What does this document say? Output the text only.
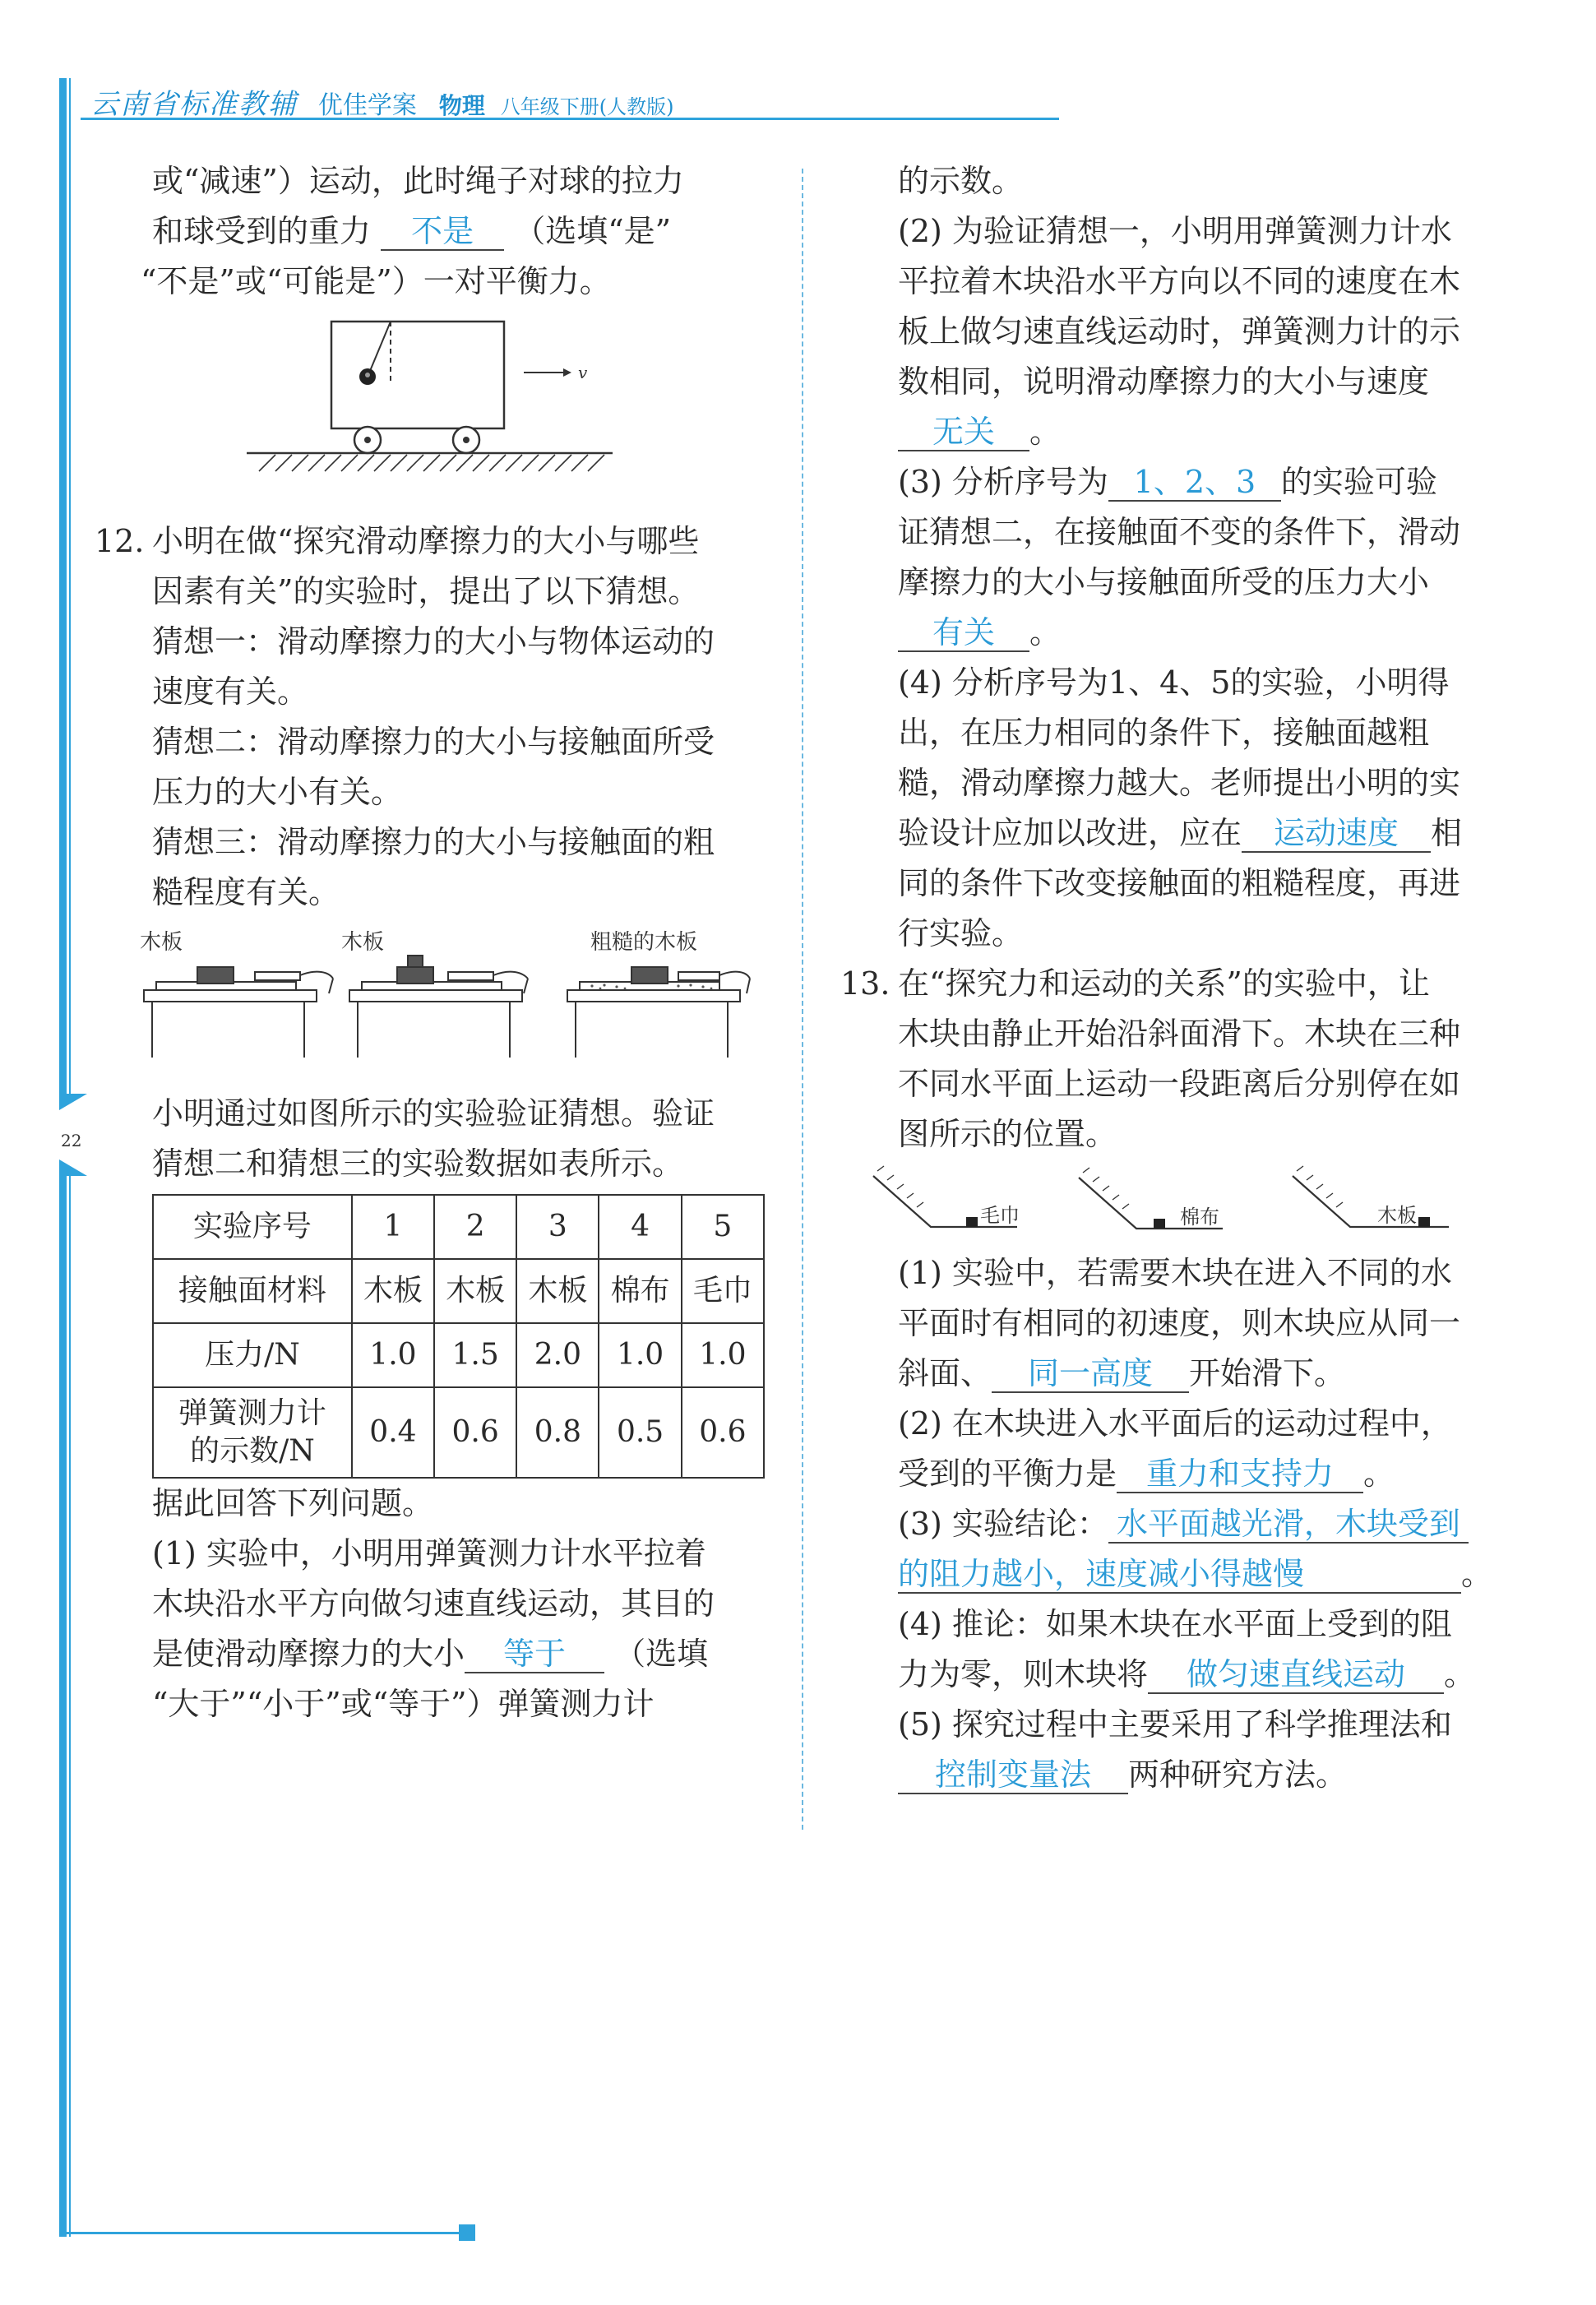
云南省标准教辅 优佳学案 物理 八年级下册(人教版)
22

或“减速”）运动，此时绳子对球的拉力

和球受到的重力 不是 （选填“是”

“不是”或“可能是”）一对平衡力。

v

12. 小明在做“探究滑动摩擦力的大小与哪些

因素有关”的实验时，提出了以下猜想。

猜想一：滑动摩擦力的大小与物体运动的

速度有关。

猜想二：滑动摩擦力的大小与接触面所受

压力的大小有关。

猜想三：滑动摩擦力的大小与接触面的粗

糙程度有关。

木板	木板	粗糙的木板

小明通过如图所示的实验验证猜想。验证

猜想二和猜想三的实验数据如表所示。

实验序号	1	2	3	4	5
接触面材料	木板	木板	木板	棉布	毛巾
压力/N	1.0	1.5	2.0	1.0	1.0
弹簧测力计
的示数/N	0.4	0.6	0.8	0.5	0.6

据此回答下列问题。

(1) 实验中，小明用弹簧测力计水平拉着

木块沿水平方向做匀速直线运动，其目的

是使滑动摩擦力的大小 等于 （选填

“大于”“小于”或“等于”）弹簧测力计

的示数。

(2) 为验证猜想一，小明用弹簧测力计水

平拉着木块沿水平方向以不同的速度在木

板上做匀速直线运动时，弹簧测力计的示

数相同，说明滑动摩擦力的大小与速度

无关 。

(3) 分析序号为 1、2、3 的实验可验

证猜想二，在接触面不变的条件下，滑动

摩擦力的大小与接触面所受的压力大小

有关 。

(4) 分析序号为1、4、5的实验，小明得

出，在压力相同的条件下，接触面越粗

糙，滑动摩擦力越大。老师提出小明的实

验设计应加以改进，应在 运动速度 相

同的条件下改变接触面的粗糙程度，再进

行实验。

13. 在“探究力和运动的关系”的实验中，让

木块由静止开始沿斜面滑下。木块在三种

不同水平面上运动一段距离后分别停在如

图所示的位置。

毛巾	棉布	木板

(1) 实验中，若需要木块在进入不同的水

平面时有相同的初速度，则木块应从同一

斜面、 同一高度 开始滑下。

(2) 在木块进入水平面后的运动过程中，

受到的平衡力是 重力和支持力 。

(3) 实验结论： 水平面越光滑，木块受到

的阻力越小，速度减小得越慢	。

(4) 推论：如果木块在水平面上受到的阻

力为零，则木块将 做匀速直线运动 。

(5) 探究过程中主要采用了科学推理法和

控制变量法 两种研究方法。
